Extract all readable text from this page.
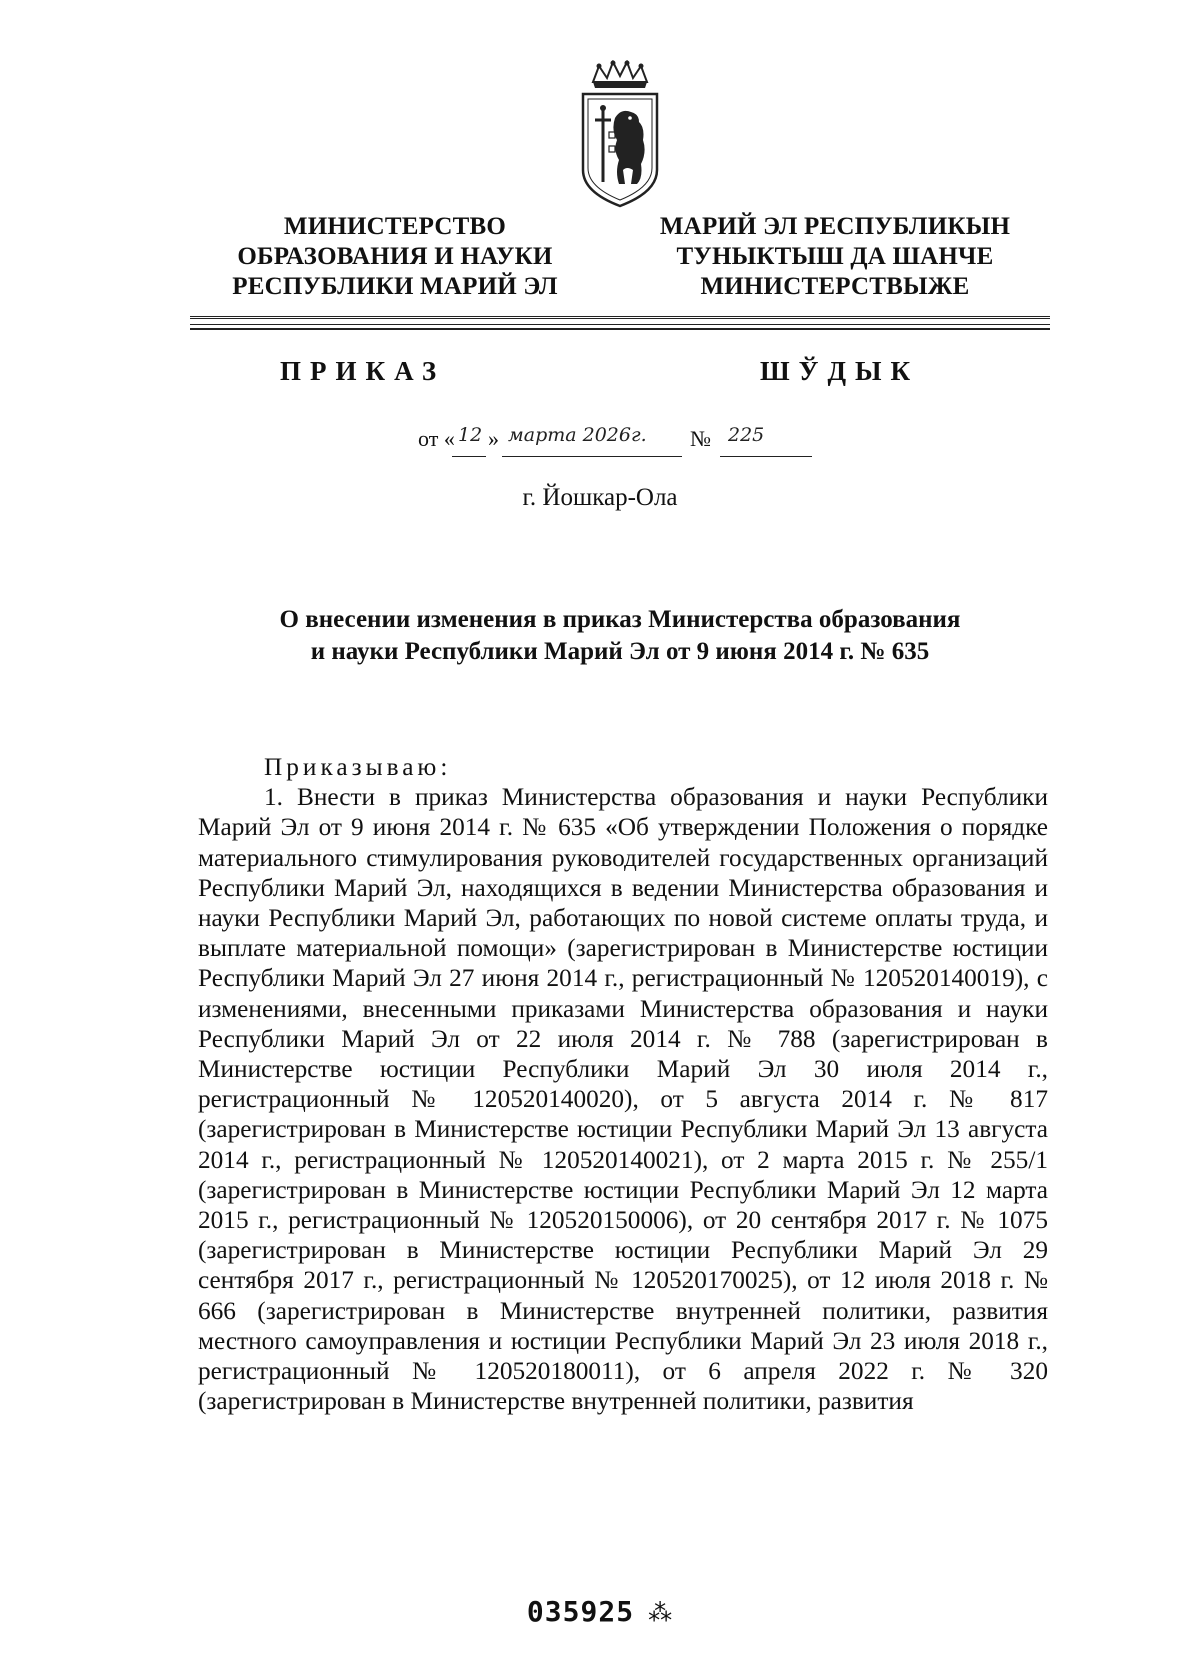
МИНИСТЕРСТВО
ОБРАЗОВАНИЯ И НАУКИ
РЕСПУБЛИКИ МАРИЙ ЭЛ
МАРИЙ ЭЛ РЕСПУБЛИКЫН
ТУНЫКТЫШ ДА ШАНЧЕ
МИНИСТЕРСТВЫЖЕ
ПРИКАЗ	ШЎДЫК
от « 12 » марта 2026г. № 225
г. Йошкар-Ола
О внесении изменения в приказ Министерства образования
и науки Республики Марий Эл от 9 июня 2014 г. № 635
Приказываю:

1. Внести в приказ Министерства образования и науки Республики Марий Эл от 9 июня 2014 г. № 635 «Об утверждении Положения о порядке материального стимулирования руководителей государственных организаций Республики Марий Эл, находящихся в ведении Министерства образования и науки Республики Марий Эл, работающих по новой системе оплаты труда, и выплате материальной помощи» (зарегистрирован в Министерстве юстиции Республики Марий Эл 27 июня 2014 г., регистрационный № 120520140019), с изменениями, внесенными приказами Министерства образования и науки Республики Марий Эл от 22 июля 2014 г. № 788 (зарегистрирован в Министерстве юстиции Республики Марий Эл 30 июля 2014 г., регистрационный № 120520140020), от 5 августа 2014 г. № 817 (зарегистрирован в Министерстве юстиции Республики Марий Эл 13 августа 2014 г., регистрационный № 120520140021), от 2 марта 2015 г. № 255/1 (зарегистрирован в Министерстве юстиции Республики Марий Эл 12 марта 2015 г., регистрационный № 120520150006), от 20 сентября 2017 г. № 1075 (зарегистрирован в Министерстве юстиции Республики Марий Эл 29 сентября 2017 г., регистрационный № 120520170025), от 12 июля 2018 г. № 666 (зарегистрирован в Министерстве внутренней политики, развития местного самоуправления и юстиции Республики Марий Эл 23 июля 2018 г., регистрационный № 120520180011), от 6 апреля 2022 г. № 320 (зарегистрирован в Министерстве внутренней политики, развития

035925 ⁂
